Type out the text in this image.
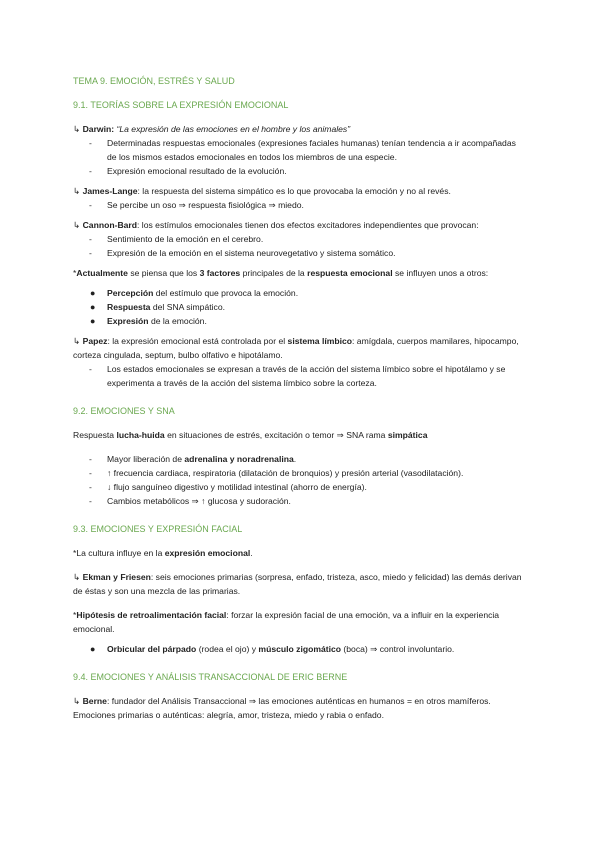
TEMA 9. EMOCIÓN, ESTRÉS Y SALUD
9.1. TEORÍAS SOBRE LA EXPRESIÓN EMOCIONAL
↳ Darwin: “La expresión de las emociones en el hombre y los animales”
- Determinadas respuestas emocionales (expresiones faciales humanas) tenían tendencia a ir acompañadas de los mismos estados emocionales en todos los miembros de una especie.
- Expresión emocional resultado de la evolución.
↳ James-Lange: la respuesta del sistema simpático es lo que provocaba la emoción y no al revés.
- Se percibe un oso ⇒ respuesta fisiológica ⇒ miedo.
↳ Cannon-Bard: los estímulos emocionales tienen dos efectos excitadores independientes que provocan:
- Sentimiento de la emoción en el cerebro.
- Expresión de la emoción en el sistema neurovegetativo y sistema somático.
*Actualmente se piensa que los 3 factores principales de la respuesta emocional se influyen unos a otros:
● Percepción del estímulo que provoca la emoción.
● Respuesta del SNA simpático.
● Expresión de la emoción.
↳ Papez: la expresión emocional está controlada por el sistema límbico: amígdala, cuerpos mamilares, hipocampo, corteza cingulada, septum, bulbo olfativo e hipotálamo.
- Los estados emocionales se expresan a través de la acción del sistema límbico sobre el hipotálamo y se experimenta a través de la acción del sistema límbico sobre la corteza.
9.2. EMOCIONES Y SNA
Respuesta lucha-huida en situaciones de estrés, excitación o temor ⇒ SNA rama simpática
- Mayor liberación de adrenalina y noradrenalina.
- ↑ frecuencia cardiaca, respiratoria (dilatación de bronquios) y presión arterial (vasodilatación).
- ↓ flujo sanguíneo digestivo y motilidad intestinal (ahorro de energía).
- Cambios metabólicos ⇒ ↑ glucosa y sudoración.
9.3. EMOCIONES Y EXPRESIÓN FACIAL
*La cultura influye en la expresión emocional.
↳ Ekman y Friesen: seis emociones primarias (sorpresa, enfado, tristeza, asco, miedo y felicidad) las demás derivan de éstas y son una mezcla de las primarias.
*Hipótesis de retroalimentación facial: forzar la expresión facial de una emoción, va a influir en la experiencia emocional.
● Orbicular del párpado (rodea el ojo) y músculo zigomático (boca) ⇒ control involuntario.
9.4. EMOCIONES Y ANÁLISIS TRANSACCIONAL DE ERIC BERNE
↳ Berne: fundador del Análisis Transaccional ⇒ las emociones auténticas en humanos = en otros mamíferos. Emociones primarias o auténticas: alegría, amor, tristeza, miedo y rabia o enfado.
